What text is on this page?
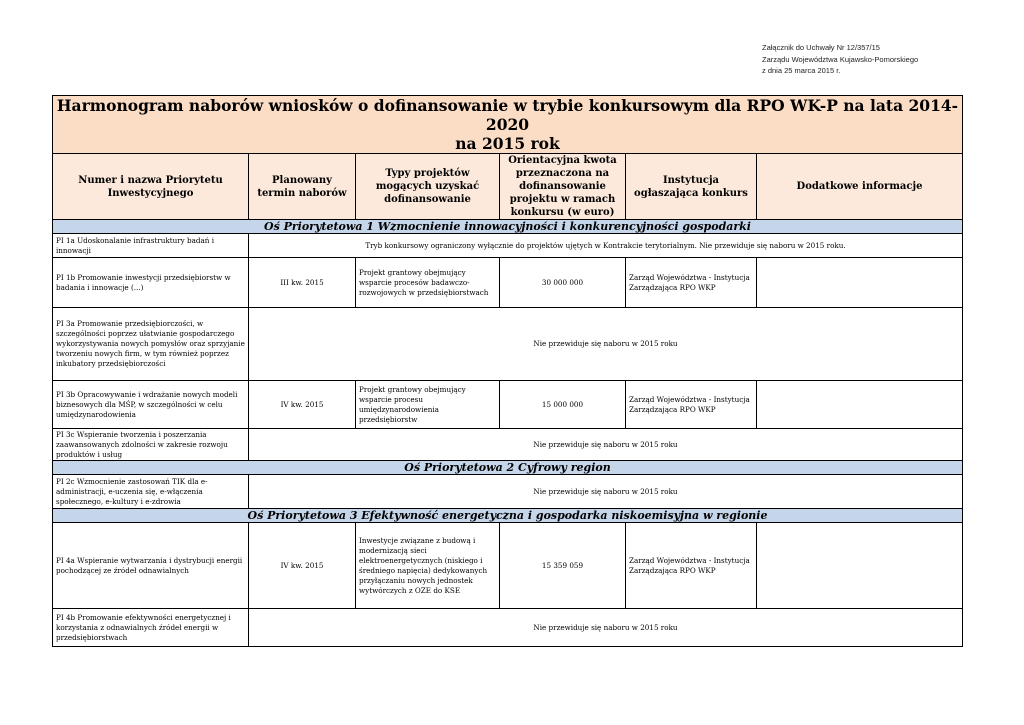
Załącznik do Uchwały Nr 12/357/15
Zarządu Województwa Kujawsko-Pomorskiego
z dnia 25 marca 2015 r.
Harmonogram naborów wniosków o dofinansowanie w trybie konkursowym dla RPO WK-P na lata 2014-2020
na 2015 rok					

Numer i nazwa Priorytetu Inwestycyjnego	Planowany termin naborów	Typy projektów mogących uzyskać dofinansowanie	Orientacyjna kwota przeznaczona na dofinansowanie projektu w ramach konkursu (w euro)	Instytucja ogłaszająca konkurs	Dodatkowe informacje
Oś Priorytetowa 1 Wzmocnienie innowacyjności i konkurencyjności gospodarki					
PI 1a Udoskonalanie infrastruktury badań i innowacji	Tryb konkursowy ograniczony wyłącznie do projektów ujętych w Kontrakcie terytorialnym. Nie przewiduje się naboru w 2015 roku.				
PI 1b Promowanie inwestycji przedsiębiorstw w badania i innowacje (...)	III kw. 2015	Projekt grantowy obejmujący wsparcie procesów badawczo-rozwojowych w przedsiębiorstwach	30 000 000	Zarząd Województwa - Instytucja Zarządzająca RPO WKP	
PI 3a Promowanie przedsiębiorczości, w szczególności poprzez ułatwianie gospodarczego wykorzystywania nowych pomysłów oraz sprzyjanie tworzeniu nowych firm, w tym również poprzez inkubatory przedsiębiorczości	Nie przewiduje się naboru w 2015 roku				
PI 3b Opracowywanie i wdrażanie nowych modeli biznesowych dla MŚP, w szczególności w celu umiędzynarodowienia	IV kw. 2015	Projekt grantowy obejmujący wsparcie procesu umiędzynarodowienia przedsiębiorstw	15 000 000	Zarząd Województwa - Instytucja Zarządzająca RPO WKP	
PI 3c Wspieranie tworzenia i poszerzania zaawansowanych zdolności w zakresie rozwoju produktów i usług	Nie przewiduje się naboru w 2015 roku				
Oś Priorytetowa 2 Cyfrowy region					
PI 2c Wzmocnienie zastosowań TIK dla e-administracji, e-uczenia się, e-włączenia społecznego, e-kultury i e-zdrowia	Nie przewiduje się naboru w 2015 roku				
Oś Priorytetowa 3 Efektywność energetyczna i gospodarka niskoemisyjna w regionie					
PI 4a Wspieranie wytwarzania i dystrybucji energii pochodzącej ze źródeł odnawialnych	IV kw. 2015	Inwestycje związane z budową i modernizacją sieci elektroenergetycznych (niskiego i średniego napięcia) dedykowanych przyłączaniu nowych jednostek wytwórczych z OZE do KSE	15 359 059	Zarząd Województwa - Instytucja Zarządzająca RPO WKP	
PI 4b Promowanie efektywności energetycznej i korzystania z odnawialnych źródeł energii w przedsiębiorstwach	Nie przewiduje się naboru w 2015 roku				
